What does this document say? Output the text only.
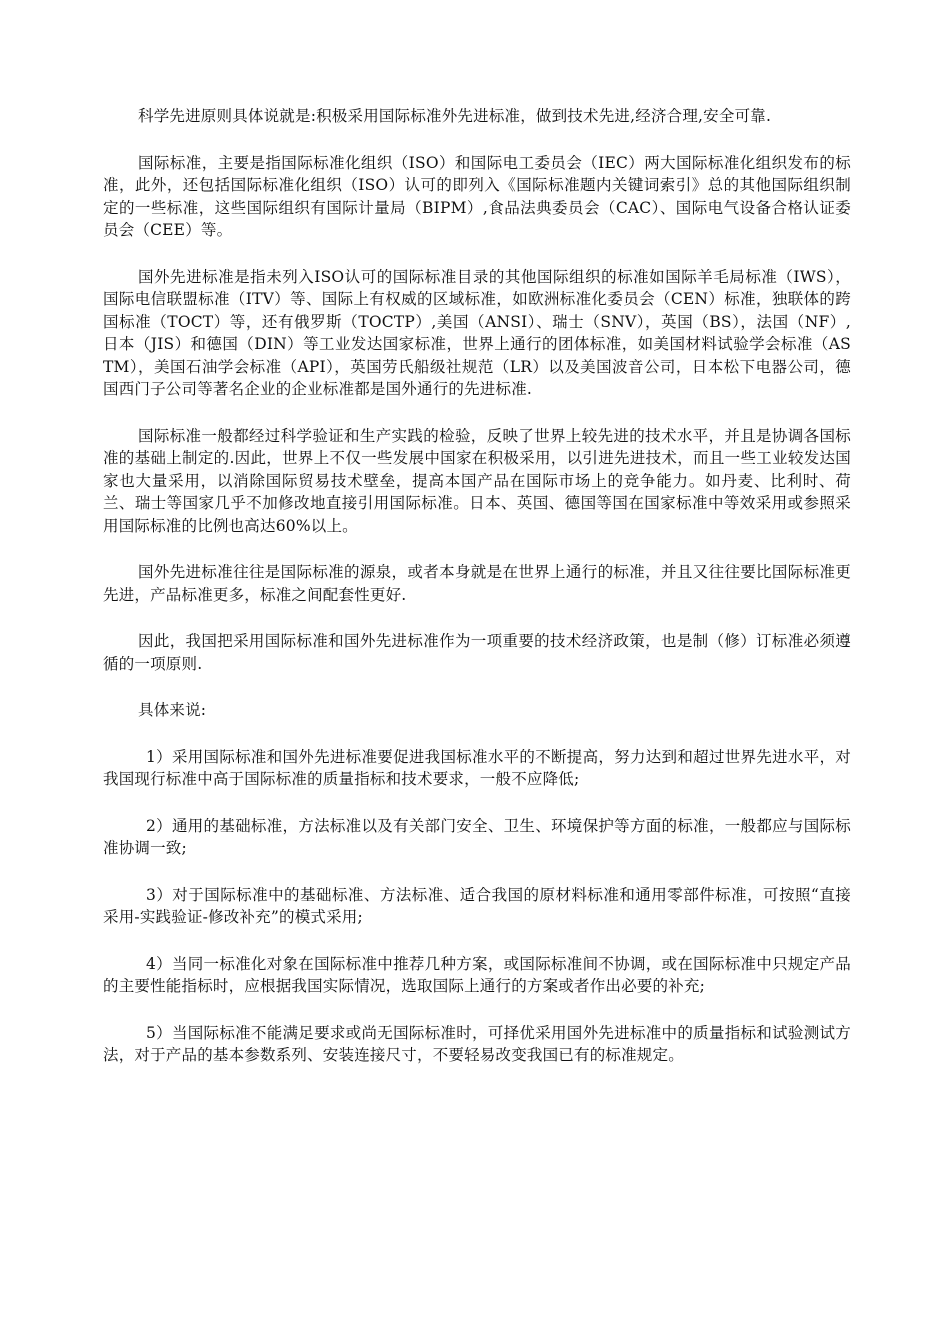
科学先进原则具体说就是:积极采用国际标准外先进标准，做到技术先进,经济合理,安全可靠.

国际标准，主要是指国际标准化组织（ISO）和国际电工委员会（IEC）两大国际标准化组织发布的标准，此外，还包括国际标准化组织（ISO）认可的即列入《国际标准题内关键词索引》总的其他国际组织制定的一些标准，这些国际组织有国际计量局（BIPM）,食品法典委员会（CAC）、国际电气设备合格认证委员会（CEE）等。

国外先进标准是指未列入ISO认可的国际标准目录的其他国际组织的标准如国际羊毛局标准（IWS），国际电信联盟标准（ITV）等、国际上有权威的区域标准，如欧洲标准化委员会（CEN）标准，独联体的跨国标准（TOCT）等，还有俄罗斯（TOCTP）,美国（ANSI）、瑞士（SNV），英国（BS），法国（NF）,日本（JIS）和德国（DIN）等工业发达国家标准，世界上通行的团体标准，如美国材料试验学会标准（ASTM），美国石油学会标准（API），英国劳氏船级社规范（LR）以及美国波音公司，日本松下电器公司，德国西门子公司等著名企业的企业标准都是国外通行的先进标准.

国际标准一般都经过科学验证和生产实践的检验，反映了世界上较先进的技术水平，并且是协调各国标准的基础上制定的.因此，世界上不仅一些发展中国家在积极采用，以引进先进技术，而且一些工业较发达国家也大量采用，以消除国际贸易技术壁垒，提高本国产品在国际市场上的竞争能力。如丹麦、比利时、荷兰、瑞士等国家几乎不加修改地直接引用国际标准。日本、英国、德国等国在国家标准中等效采用或参照采用国际标准的比例也高达60%以上。

国外先进标准往往是国际标准的源泉，或者本身就是在世界上通行的标准，并且又往往要比国际标准更先进，产品标准更多，标准之间配套性更好.

因此，我国把采用国际标准和国外先进标准作为一项重要的技术经济政策，也是制（修）订标准必须遵循的一项原则.

具体来说:

1）采用国际标准和国外先进标准要促进我国标准水平的不断提高，努力达到和超过世界先进水平，对我国现行标准中高于国际标准的质量指标和技术要求，一般不应降低;

2）通用的基础标准，方法标准以及有关部门安全、卫生、环境保护等方面的标准，一般都应与国际标准协调一致;

3）对于国际标准中的基础标准、方法标准、适合我国的原材料标准和通用零部件标准，可按照“直接采用-实践验证-修改补充”的模式采用;

4）当同一标准化对象在国际标准中推荐几种方案，或国际标准间不协调，或在国际标准中只规定产品的主要性能指标时，应根据我国实际情况，选取国际上通行的方案或者作出必要的补充;

5）当国际标准不能满足要求或尚无国际标准时，可择优采用国外先进标准中的质量指标和试验测试方法，对于产品的基本参数系列、安装连接尺寸，不要轻易改变我国已有的标准规定。
